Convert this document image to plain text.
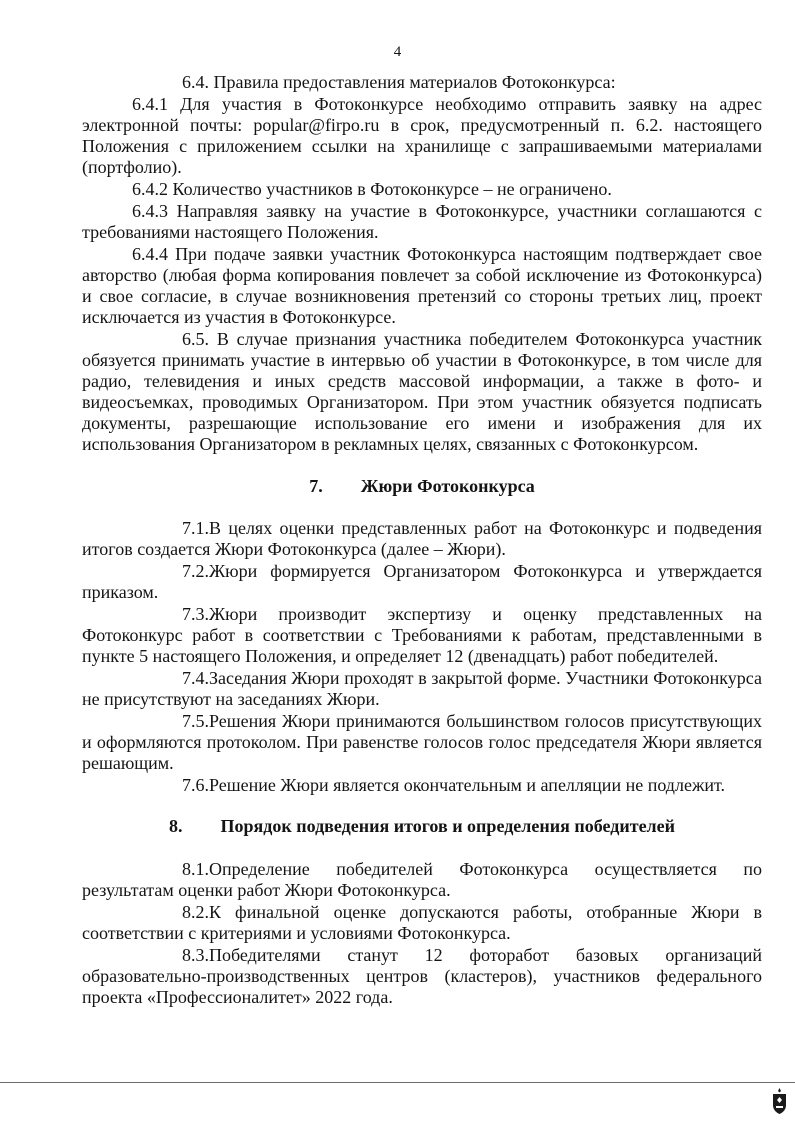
4

6.4. Правила предоставления материалов Фотоконкурса:

6.4.1 Для участия в Фотоконкурсе необходимо отправить заявку на адрес электронной почты: popular@firpo.ru в срок, предусмотренный п. 6.2. настоящего Положения с приложением ссылки на хранилище с запрашиваемыми материалами (портфолио).

6.4.2 Количество участников в Фотоконкурсе – не ограничено.

6.4.3 Направляя заявку на участие в Фотоконкурсе, участники соглашаются с требованиями настоящего Положения.

6.4.4 При подаче заявки участник Фотоконкурса настоящим подтверждает свое авторство (любая форма копирования повлечет за собой исключение из Фотоконкурса) и свое согласие, в случае возникновения претензий со стороны третьих лиц, проект исключается из участия в Фотоконкурсе.

6.5. В случае признания участника победителем Фотоконкурса участник обязуется принимать участие в интервью об участии в Фотоконкурсе, в том числе для радио, телевидения и иных средств массовой информации, а также в фото- и видеосъемках, проводимых Организатором. При этом участник обязуется подписать документы, разрешающие использование его имени и изображения для их использования Организатором в рекламных целях, связанных с Фотоконкурсом.

7. Жюри Фотоконкурса

7.1.В целях оценки представленных работ на Фотоконкурс и подведения итогов создается Жюри Фотоконкурса (далее – Жюри).

7.2.Жюри формируется Организатором Фотоконкурса и утверждается приказом.

7.3.Жюри производит экспертизу и оценку представленных на Фотоконкурс работ в соответствии с Требованиями к работам, представленными в пункте 5 настоящего Положения, и определяет 12 (двенадцать) работ победителей.

7.4.Заседания Жюри проходят в закрытой форме. Участники Фотоконкурса не присутствуют на заседаниях Жюри.

7.5.Решения Жюри принимаются большинством голосов присутствующих и оформляются протоколом. При равенстве голосов голос председателя Жюри является решающим.

7.6.Решение Жюри является окончательным и апелляции не подлежит.

8. Порядок подведения итогов и определения победителей

8.1.Определение победителей Фотоконкурса осуществляется по результатам оценки работ Жюри Фотоконкурса.

8.2.К финальной оценке допускаются работы, отобранные Жюри в соответствии с критериями и условиями Фотоконкурса.

8.3.Победителями станут 12 фоторабот базовых организаций образовательно-производственных центров (кластеров), участников федерального проекта «Профессионалитет» 2022 года.
